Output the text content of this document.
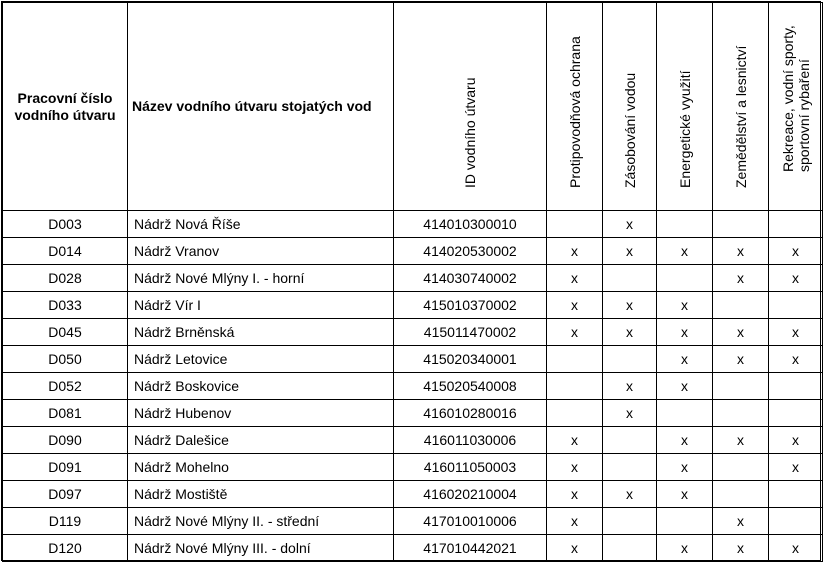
Pracovní číslo vodního útvaru	Název vodního útvaru stojatých vod	ID vodního útvaru	Protipovodňová ochrana	Zásobování vodou	Energetické využití	Zemědělství a lesnictví	Rekreace, vodní sporty, sportovní rybaření

D003	Nádrž Nová Říše	414010300010		x			
D014	Nádrž Vranov	414020530002	x	x	x	x	x
D028	Nádrž Nové Mlýny I. - horní	414030740002	x			x	x
D033	Nádrž Vír I	415010370002	x	x	x		
D045	Nádrž Brněnská	415011470002	x	x	x	x	x
D050	Nádrž Letovice	415020340001			x	x	x
D052	Nádrž Boskovice	415020540008		x	x		
D081	Nádrž Hubenov	416010280016		x			
D090	Nádrž Dalešice	416011030006	x		x	x	x
D091	Nádrž Mohelno	416011050003	x		x		x
D097	Nádrž Mostiště	416020210004	x	x	x		
D119	Nádrž Nové Mlýny II. - střední	417010010006	x			x	
D120	Nádrž Nové Mlýny III. - dolní	417010442021	x		x	x	x
